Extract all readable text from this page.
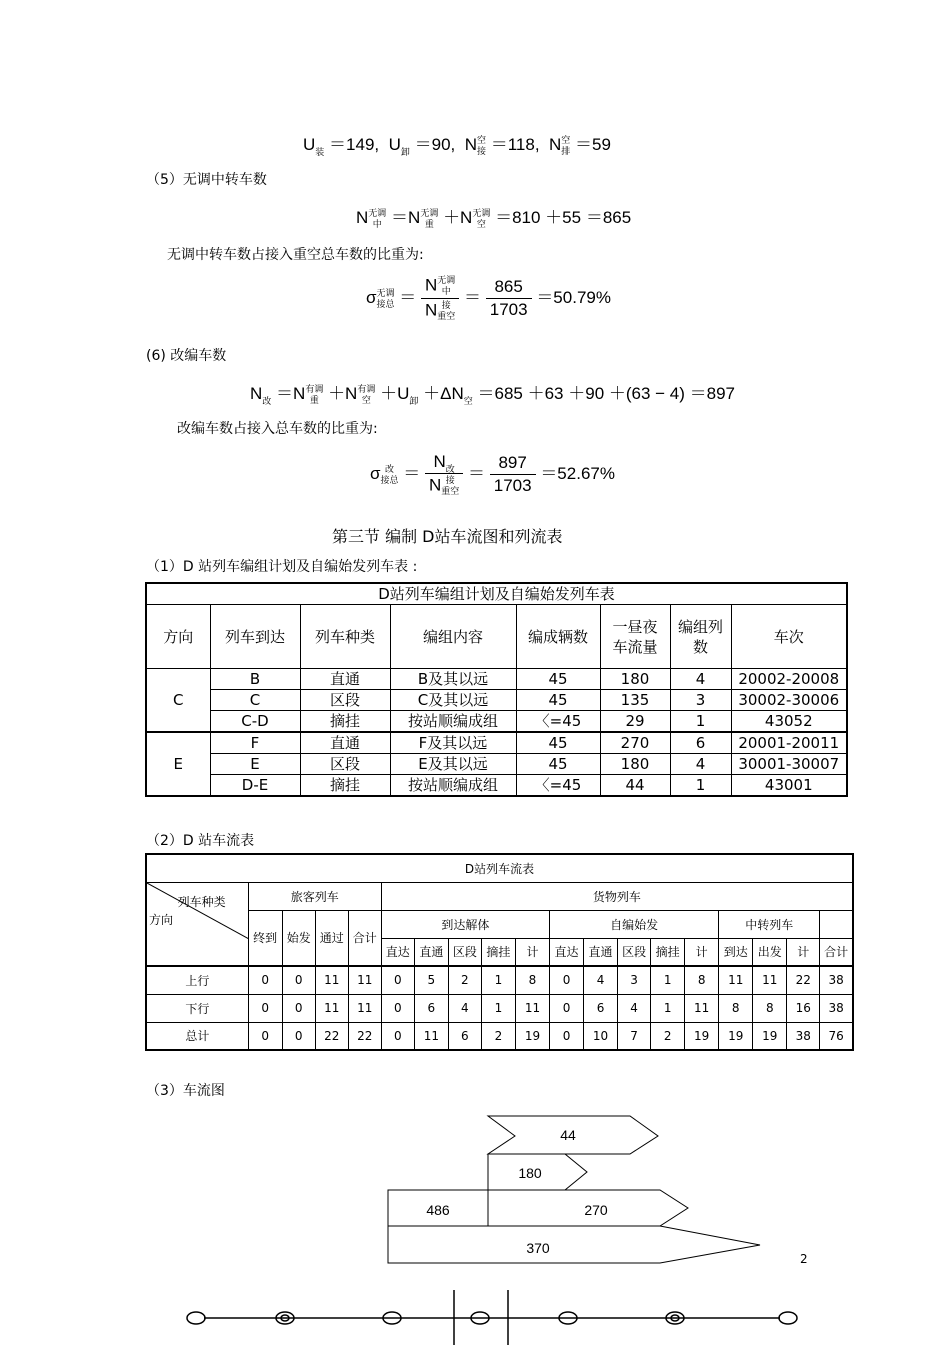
$U_装 =149$, $U_卸 =90$, N空
接 ＝118, N空
排 ＝59
（5）无调中转车数
N无调
中 ＝N无调
重 ＋N无调
空 ＝810 ＋55 ＝865
无调中转车数占接入重空总车数的比重为:
σ无调
接总 ＝
N无调
中
N 接
重空
＝ $\frac{865}{1703} =50.79\%$
(6) 改编车数
$N_改 =N$有调
重 ＋N有调
空 $+U_卸 +\Delta N_空 =685 +63 +90 +(63 - 4) =897$
改编车数占接入总车数的比重为:
σ 改
接总 ＝
$N_改$
N 接
重空
＝ $\frac{897}{1703} =52.67\%$
第三节 编制 D站车流图和列流表
（1）D 站列车编组计划及自编始发列车表 :
D站列车编组计划及自编始发列车表							
方向	列车到达	列车种类	编组内容	编成辆数	一昼夜
车流量	编组列
数	车次
C	B	直通	B及其以远	45	180	4	20002-20008
	C	区段	C及其以远	45	135	3	30002-30006
	C-D	摘挂	按站顺编成组	〈=45	29	1	43052
E	F	直通	F及其以远	45	270	6	20001-20011
	E	区段	E及其以远	45	180	4	30001-30007
	D-E	摘挂	按站顺编成组	〈=45	44	1	43001
（2）D 站车流表
D站列车流表																		

列车种类
方向	旅客列车				货物列车													
	终到	始发	通过	合计	到达解体					自编始发					中转列车			
					直达	直通	区段	摘挂	计	直达	直通	区段	摘挂	计	到达	出发	计	合计
上行	0	0	11	11	0	5	2	1	8	0	4	3	1	8	11	11	22	38
下行	0	0	11	11	0	6	4	1	11	0	6	4	1	11	8	8	16	38
总计	0	0	22	22	0	11	6	2	19	0	10	7	2	19	19	19	38	76
（3）车流图
44
180
486	270
370
2
